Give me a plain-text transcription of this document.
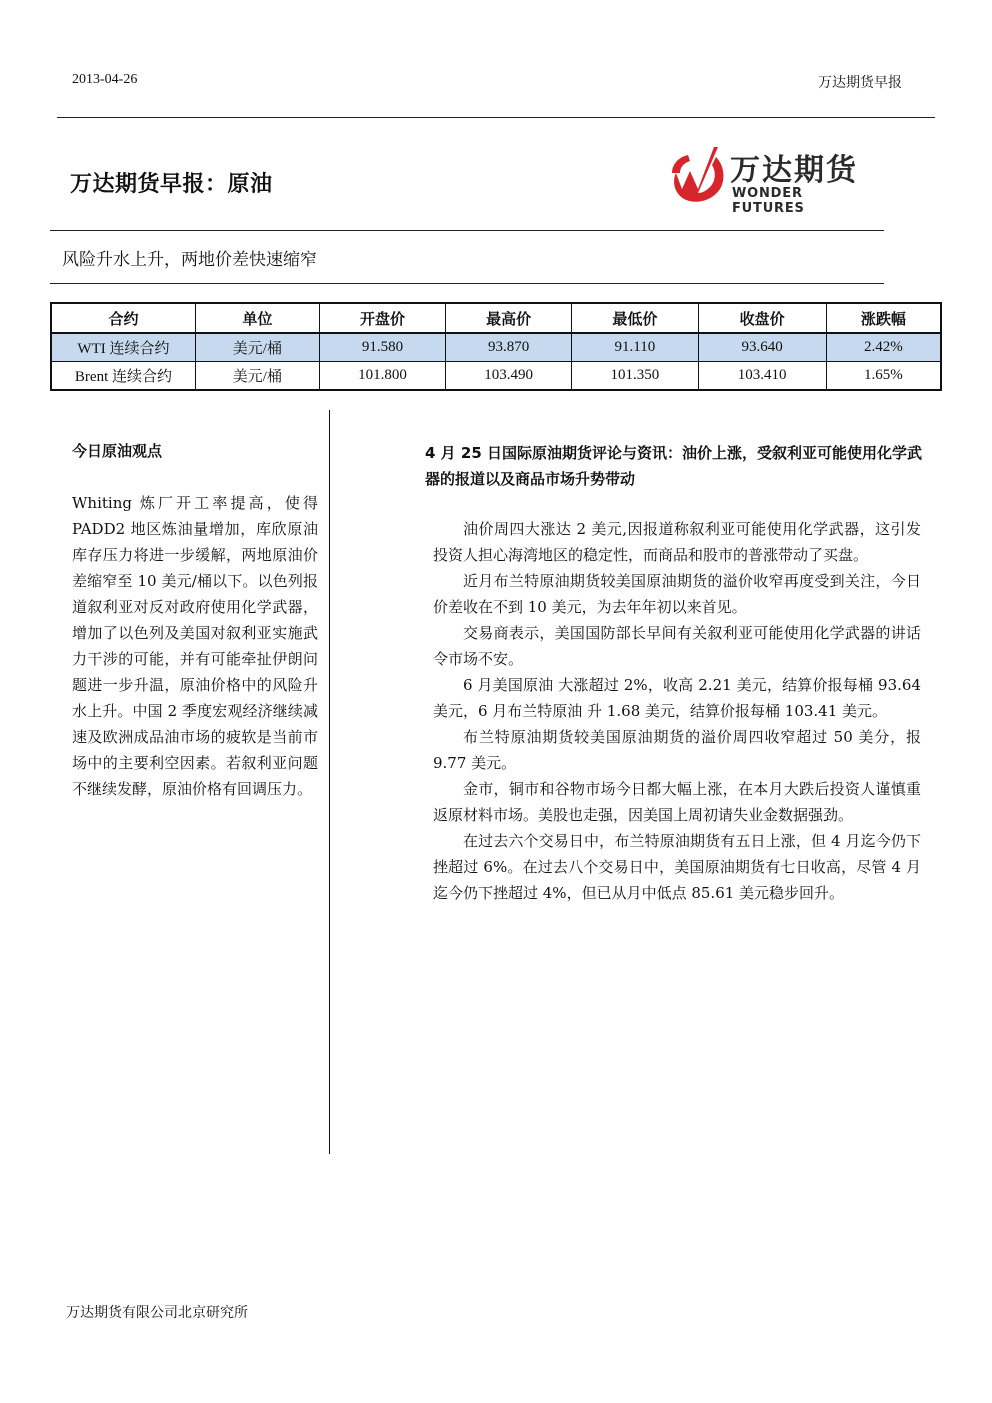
2013-04-26	万达期货早报
万达期货早报：原油	万达期货
WONDER FUTURES
风险升水上升，两地价差快速缩窄
合约	单位	开盘价	最高价	最低价	收盘价	涨跌幅
WTI 连续合约	美元/桶	91.580	93.870	91.110	93.640	2.42%
Brent 连续合约	美元/桶	101.800	103.490	101.350	103.410	1.65%
今日原油观点
Whiting 炼厂开工率提高，使得 PADD2 地区炼油量增加，库欣原油库存压力将进一步缓解，两地原油价差缩窄至 10 美元/桶以下。以色列报道叙利亚对反对政府使用化学武器，增加了以色列及美国对叙利亚实施武力干涉的可能，并有可能牵扯伊朗问题进一步升温，原油价格中的风险升水上升。中国 2 季度宏观经济继续减速及欧洲成品油市场的疲软是当前市场中的主要利空因素。若叙利亚问题不继续发酵，原油价格有回调压力。
4 月 25 日国际原油期货评论与资讯：油价上涨，受叙利亚可能使用化学武器的报道以及商品市场升势带动

油价周四大涨达 2 美元,因报道称叙利亚可能使用化学武器，这引发投资人担心海湾地区的稳定性，而商品和股市的普涨带动了买盘。

近月布兰特原油期货较美国原油期货的溢价收窄再度受到关注，今日价差收在不到 10 美元，为去年年初以来首见。

交易商表示，美国国防部长早间有关叙利亚可能使用化学武器的讲话令市场不安。

6 月美国原油 大涨超过 2%，收高 2.21 美元，结算价报每桶 93.64 美元，6 月布兰特原油 升 1.68 美元，结算价报每桶 103.41 美元。

布兰特原油期货较美国原油期货的溢价周四收窄超过 50 美分，报 9.77 美元。

金市，铜市和谷物市场今日都大幅上涨，在本月大跌后投资人谨慎重返原材料市场。美股也走强，因美国上周初请失业金数据强劲。

在过去六个交易日中，布兰特原油期货有五日上涨，但 4 月迄今仍下挫超过 6%。在过去八个交易日中，美国原油期货有七日收高，尽管 4 月迄今仍下挫超过 4%，但已从月中低点 85.61 美元稳步回升。

万达期货有限公司北京研究所
